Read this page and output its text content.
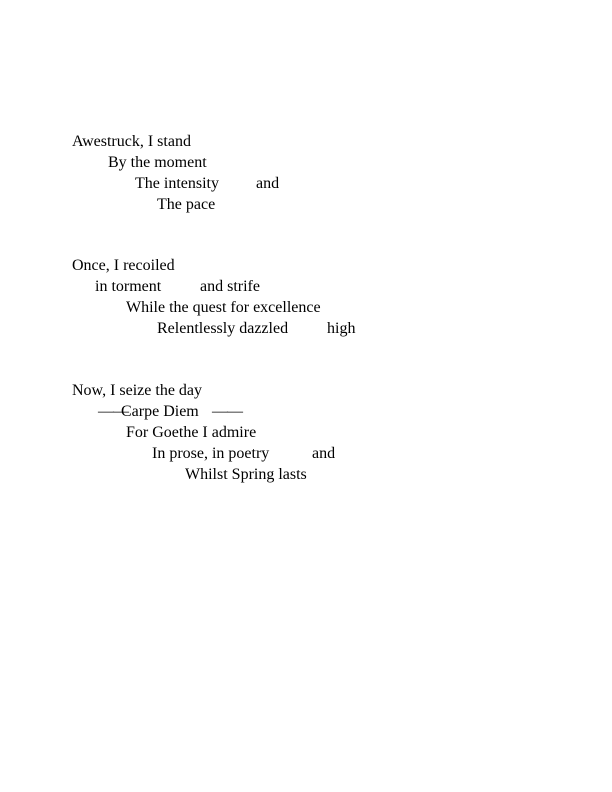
Awestruck, I stand
By the moment
The intensity and
The pace
Once, I recoiled
in torment and strife
While the quest for excellence
Relentlessly dazzled high
Now, I seize the day
——
Carpe Diem ——
For Goethe I admire
In prose, in poetry	and
Whilst Spring lasts
